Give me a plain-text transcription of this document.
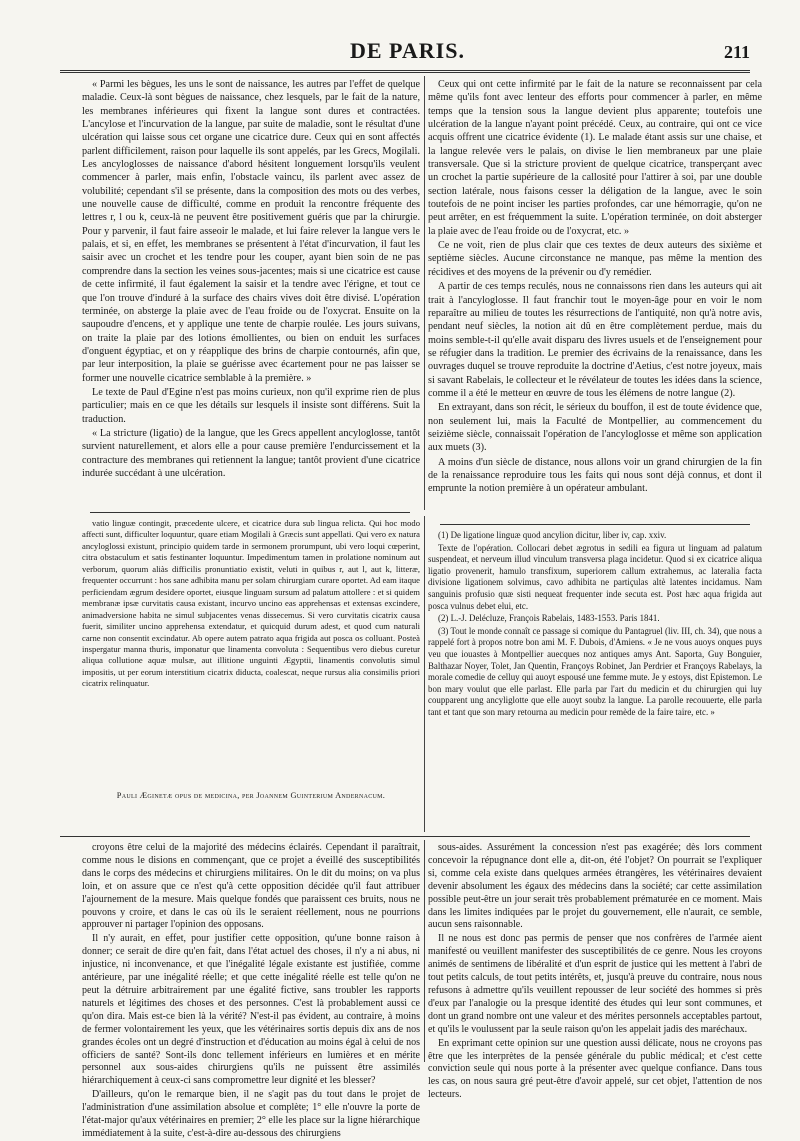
DE PARIS.	211

« Parmi les bègues, les uns le sont de naissance, les autres par l'effet de quelque maladie. Ceux-là sont bègues de naissance, chez lesquels, par le fait de la nature, les membranes inférieures qui fixent la langue sont dures et contractées. L'ancylose et l'incurvation de la langue, par suite de maladie, sont le résultat d'une ulcération qui laisse sous cet organe une cicatrice dure. Ceux qui en sont affectés parlent difficilement, raison pour laquelle ils sont appelés, par les Grecs, Mogilali. Les ancyloglosses de naissance d'abord hésitent longuement lorsqu'ils veulent commencer à parler, mais enfin, l'obstacle vaincu, ils parlent avec assez de volubilité; cependant s'il se présente, dans la composition des mots ou des verbes, une nouvelle cause de difficulté, comme en produit la rencontre fréquente des lettres r, l ou k, ceux-là ne peuvent être positivement guéris que par la chirurgie. Pour y parvenir, il faut faire asseoir le malade, et lui faire relever la langue vers le palais, et si, en effet, les membranes se présentent à l'état d'incurvation, il faut les saisir avec un crochet et les tendre pour les couper, ayant bien soin de ne pas comprendre dans la section les veines sous-jacentes; mais si une cicatrice est cause de cette infirmité, il faut également la saisir et la tendre avec l'érigne, et tout ce que l'on trouve d'induré à la surface des chairs vives doit être divisé. L'opération terminée, on absterge la plaie avec de l'eau froide ou de l'oxycrat. Ensuite on la saupoudre d'encens, et y applique une tente de charpie roulée. Les jours suivans, on traite la plaie par des lotions émollientes, ou bien on enduit les surfaces d'onguent égyptiac, et on y réapplique des brins de charpie contournés, afin que, par leur interposition, la plaie se guérisse avec écartement pour ne pas laisser se former une nouvelle cicatrice semblable à la première. »

Le texte de Paul d'Egine n'est pas moins curieux, non qu'il exprime rien de plus particulier; mais en ce que les détails sur lesquels il insiste sont différens. Suit la traduction.

« La stricture (ligatio) de la langue, que les Grecs appellent ancyloglosse, tantôt survient naturellement, et alors elle a pour cause première l'endurcissement et la contracture des membranes qui retiennent la langue; tantôt provient d'une cicatrice indurée succédant à une ulcération.

Ceux qui ont cette infirmité par le fait de la nature se reconnaissent par cela même qu'ils font avec lenteur des efforts pour commencer à parler, en même temps que la tension sous la langue devient plus apparente; toutefois une ulcération de la langue n'ayant point précédé. Ceux, au contraire, qui ont ce vice acquis offrent une cicatrice évidente (1). Le malade étant assis sur une chaise, et la langue relevée vers le palais, on divise le lien membraneux par une plaie transversale. Que si la stricture provient de quelque cicatrice, transperçant avec un crochet la partie supérieure de la callosité pour l'attirer à soi, par une double section latérale, nous faisons cesser la déligation de la langue, avec le soin toutefois de ne point inciser les parties profondes, car une hémorragie, qu'on ne peut arrêter, en est fréquemment la suite. L'opération terminée, on doit absterger la plaie avec de l'eau froide ou de l'oxycrat, etc. »

Ce ne voit, rien de plus clair que ces textes de deux auteurs des sixième et septième siècles. Aucune circonstance ne manque, pas même la mention des récidives et des moyens de la prévenir ou d'y remédier.

A partir de ces temps reculés, nous ne connaissons rien dans les auteurs qui ait trait à l'ancyloglosse. Il faut franchir tout le moyen-âge pour en voir le nom reparaître au milieu de toutes les résurrections de l'antiquité, non qu'à notre avis, pendant neuf siècles, la notion ait dû en être complètement perdue, mais du moins semble-t-il qu'elle avait disparu des livres usuels et de l'enseignement pour se réfugier dans la tradition. Le premier des écrivains de la renaissance, dans les ouvrages duquel se trouve reproduite la doctrine d'Aetius, c'est notre joyeux, mais si savant Rabelais, le collecteur et le révélateur de toutes les idées dans la science, comme il a été le metteur en œuvre de tous les élémens de notre langue (2).

En extrayant, dans son récit, le sérieux du bouffon, il est de toute évidence que, non seulement lui, mais la Faculté de Montpellier, au commencement du seizième siècle, connaissait l'opération de l'ancyloglosse et même son application aux muets (3).

A moins d'un siècle de distance, nous allons voir un grand chirurgien de la fin de la renaissance reproduire tous les faits qui nous sont déjà connus, et dont il emprunte la notion première à un opérateur ambulant.

vatio linguæ contingit, præcedente ulcere, et cicatrice dura sub lingua relicta. Qui hoc modo affecti sunt, difficulter loquuntur, quare etiam Mogilali à Græcis sunt appellati. Qui vero ex natura ancyloglossi existunt, principio quidem tarde in sermonem prorumpunt, ubi vero loqui cœperint, citra obstaculum et satis festinanter loquuntur. Impedimentum tamen in prolatione nominum aut verborum, quorum aliàs difficilis pronuntiatio existit, veluti in quibus r, aut l, aut k, litteræ, frequenter occurrunt : hos sane adhibita manu per solam chirurgiam curare oportet. Ad eam itaque perficiendam ægrum desidere oportet, eiusque linguam sursum ad palatum attollere : et si quidem membranæ ipsæ curvitatis causa existant, incurvo uncino eas apprehensas et extensas excindere, animadversione habita ne simul subjacentes venas dissecemus. Si vero curvitatis cicatrix causa fuerit, similiter uncino apprehensa extendatur, et quicquid durum adest, et quod cum naturali carne non consentit excindatur. Ab opere autem patrato aqua frigida aut posca os colluant. Posteà inspergatur manna thuris, imponatur que linamenta convoluta : Sequentibus vero diebus curetur aliqua collutione aquæ mulsæ, aut illitione unguinti Ægyptii, linamentis convolutis simul impositis, ut per eorum interstitium cicatrix diducta, coalescat, neque rursus alia consimilis priori cicatrix relinquatur.

Pauli Æginetæ opus de medicina, per Joannem Guinterium Andernacum.

(1) De ligatione linguæ quod ancylion dicitur, liber iv, cap. xxiv.

Texte de l'opération. Collocari debet ægrotus in sedili ea figura ut linguam ad palatum suspendeat, et nerveum illud vinculum transversa plaga incidetur. Quod si ex cicatrice aliqua ligatio provenerit, hamulo transfixum, superiorem callum extrahemus, ac lateralia facta divisione ligationem solvimus, cavo adhibita ne partiçulas altè latentes incidamus. Nam sanguinis profusio quæ sisti nequeat frequenter inde secuta est. Post hæc aqua frigida aut posca vulnus debet elui, etc.

(2) L.-J. Delécluze, François Rabelais, 1483-1553. Paris 1841.

(3) Tout le monde connaît ce passage si comique du Pantagruel (liv. III, ch. 34), que nous a rappelé fort à propos notre bon ami M. F. Dubois, d'Amiens. « Je ne vous auoys onques puys veu que iouastes à Montpellier auecques noz antiques amys Ant. Saporta, Guy Bonguier, Balthazar Noyer, Tolet, Jan Quentin, Françoys Robinet, Jan Perdrier et Françoys Rabelays, la morale comedie de celluy qui auoyt espousé une femme mute. Je y estoys, dist Epistemon. Le bon mary voulut que elle parlast. Elle parla par l'art du medicin et du chirurgien qui luy coupparent ung ancyliglotte que elle auoyt soubz la langue. La parolle recouuerte, elle parla tant et tant que son mary retourna au medicin pour remède de la faire taire, etc. »

croyons être celui de la majorité des médecins éclairés. Cependant il paraîtrait, comme nous le disions en commençant, que ce projet a éveillé des susceptibilités dans le corps des médecins et chirurgiens militaires. On le dit du moins; on va plus loin, et on assure que ce n'est qu'à cette opposition décidée qu'il faut attribuer l'ajournement de la mesure. Mais quelque fondés que paraissent ces bruits, nous ne pouvons y croire, et dans le cas où ils le seraient réellement, nous ne pourrions approuver ni partager l'opinion des opposans.

Il n'y aurait, en effet, pour justifier cette opposition, qu'une bonne raison à donner; ce serait de dire qu'en fait, dans l'état actuel des choses, il n'y a ni abus, ni injustice, ni inconvenance, et que l'inégalité légale existante est justifiée, comme antérieure, par une inégalité réelle; et que cette inégalité réelle est telle qu'on ne peut la détruire arbitrairement par une égalité fictive, sans troubler les rapports naturels et légitimes des choses et des personnes. C'est là probablement aussi ce qu'on dira. Mais est-ce bien là la vérité? N'est-il pas évident, au contraire, à moins de fermer volontairement les yeux, que les vétérinaires sortis depuis dix ans de nos grandes écoles ont un degré d'instruction et d'éducation au moins égal à celui de nos officiers de santé? Sont-ils donc tellement inférieurs en lumières et en mérite personnel aux sous-aides chirurgiens qu'ils ne puissent être assimilés hiérarchiquement à ceux-ci sans compromettre leur dignité et les blesser?

D'ailleurs, qu'on le remarque bien, il ne s'agit pas du tout dans le projet de l'administration d'une assimilation absolue et complète; 1° elle n'ouvre la porte de l'état-major qu'aux vétérinaires en premier; 2° elle les place sur la ligne hiérarchique immédiatement à la suite, c'est-à-dire au-dessous des chirurgiens

sous-aides. Assurément la concession n'est pas exagérée; dès lors comment concevoir la répugnance dont elle a, dit-on, été l'objet? On pourrait se l'expliquer si, comme cela existe dans quelques armées étrangères, les vétérinaires devaient devenir absolument les égaux des médecins dans la société; car cette assimilation possible peut-être un jour serait très probablement prématurée en ce moment. Mais dans les limites indiquées par le projet du gouvernement, elle n'aurait, ce semble, aucun sens raisonnable.

Il ne nous est donc pas permis de penser que nos confrères de l'armée aient manifesté ou veuillent manifester des susceptibilités de ce genre. Nous les croyons animés de sentimens de libéralité et d'un esprit de justice qui les mettent à l'abri de tout petits calculs, de tout petits intérêts, et, jusqu'à preuve du contraire, nous nous refusons à admettre qu'ils veuillent repousser de leur société des hommes si près d'eux par l'analogie ou la presque identité des études qui leur sont communes, et dont un grand nombre ont une valeur et des mérites personnels acceptables partout, et qu'ils le voulussent par la seule raison qu'on les appelait jadis des maréchaux.

En exprimant cette opinion sur une question aussi délicate, nous ne croyons pas être que les interprètes de la pensée générale du public médical; et c'est cette conviction seule qui nous porte à la présenter avec quelque confiance. Dans tous les cas, on nous saura gré peut-être d'avoir appelé, sur cet objet, l'attention de nos lecteurs.
